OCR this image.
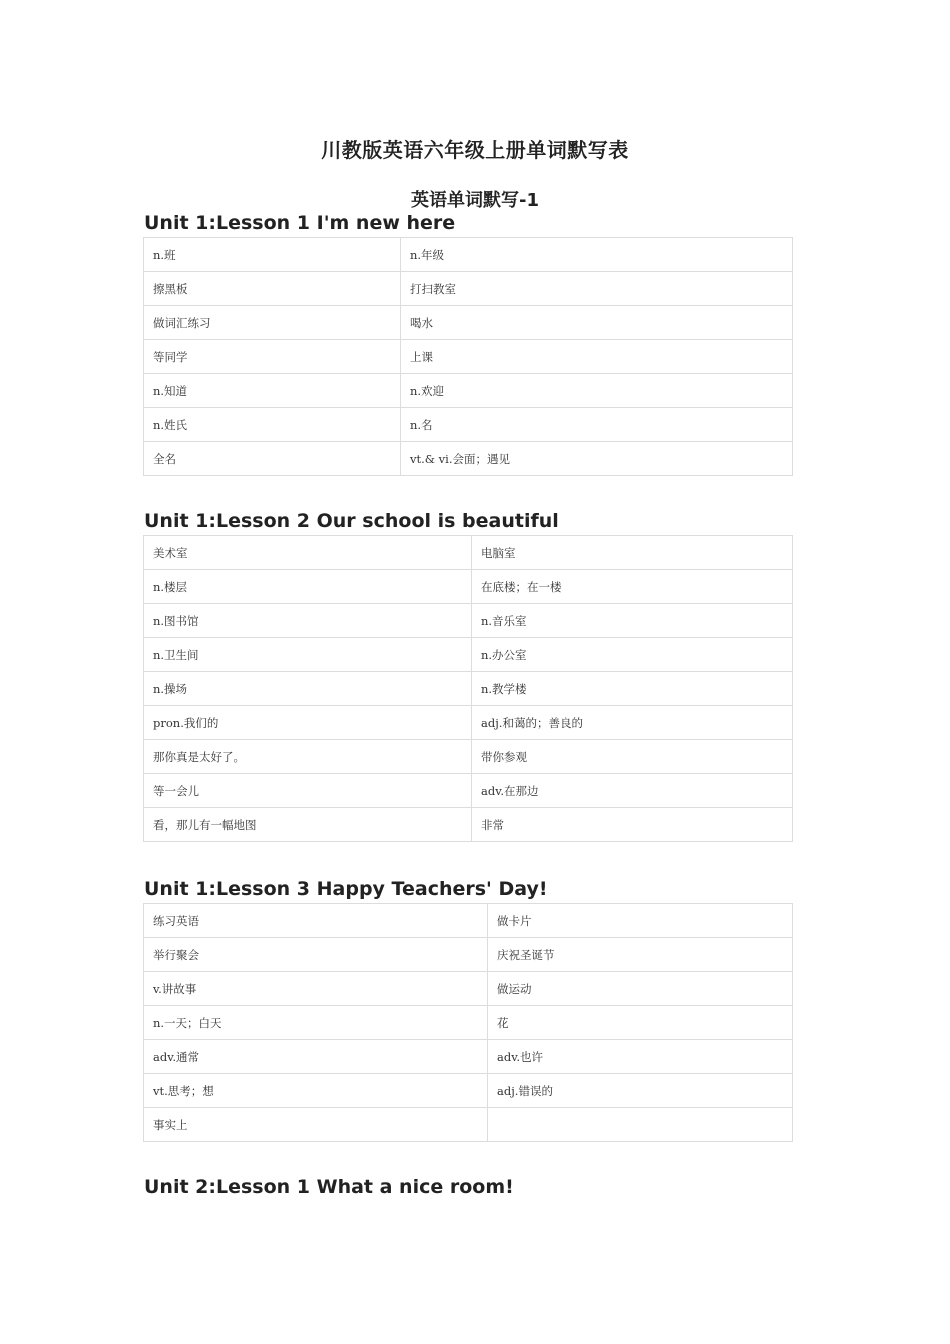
川教版英语六年级上册单词默写表
英语单词默写-1
Unit 1:Lesson 1 I'm new here
n.班	n.年级
擦黑板	打扫教室
做词汇练习	喝水
等同学	上课
n.知道	n.欢迎
n.姓氏	n.名
全名	vt.& vi.会面；遇见
Unit 1:Lesson 2 Our school is beautiful
美术室	电脑室
n.楼层	在底楼；在一楼
n.图书馆	n.音乐室
n.卫生间	n.办公室
n.操场	n.教学楼
pron.我们的	adj.和蔼的；善良的
那你真是太好了。	带你参观
等一会儿	adv.在那边
看，那儿有一幅地图	非常
Unit 1:Lesson 3 Happy Teachers' Day!
练习英语	做卡片
举行聚会	庆祝圣诞节
v.讲故事	做运动
n.一天；白天	花
adv.通常	adv.也许
vt.思考；想	adj.错误的
事实上	
Unit 2:Lesson 1 What a nice room!
